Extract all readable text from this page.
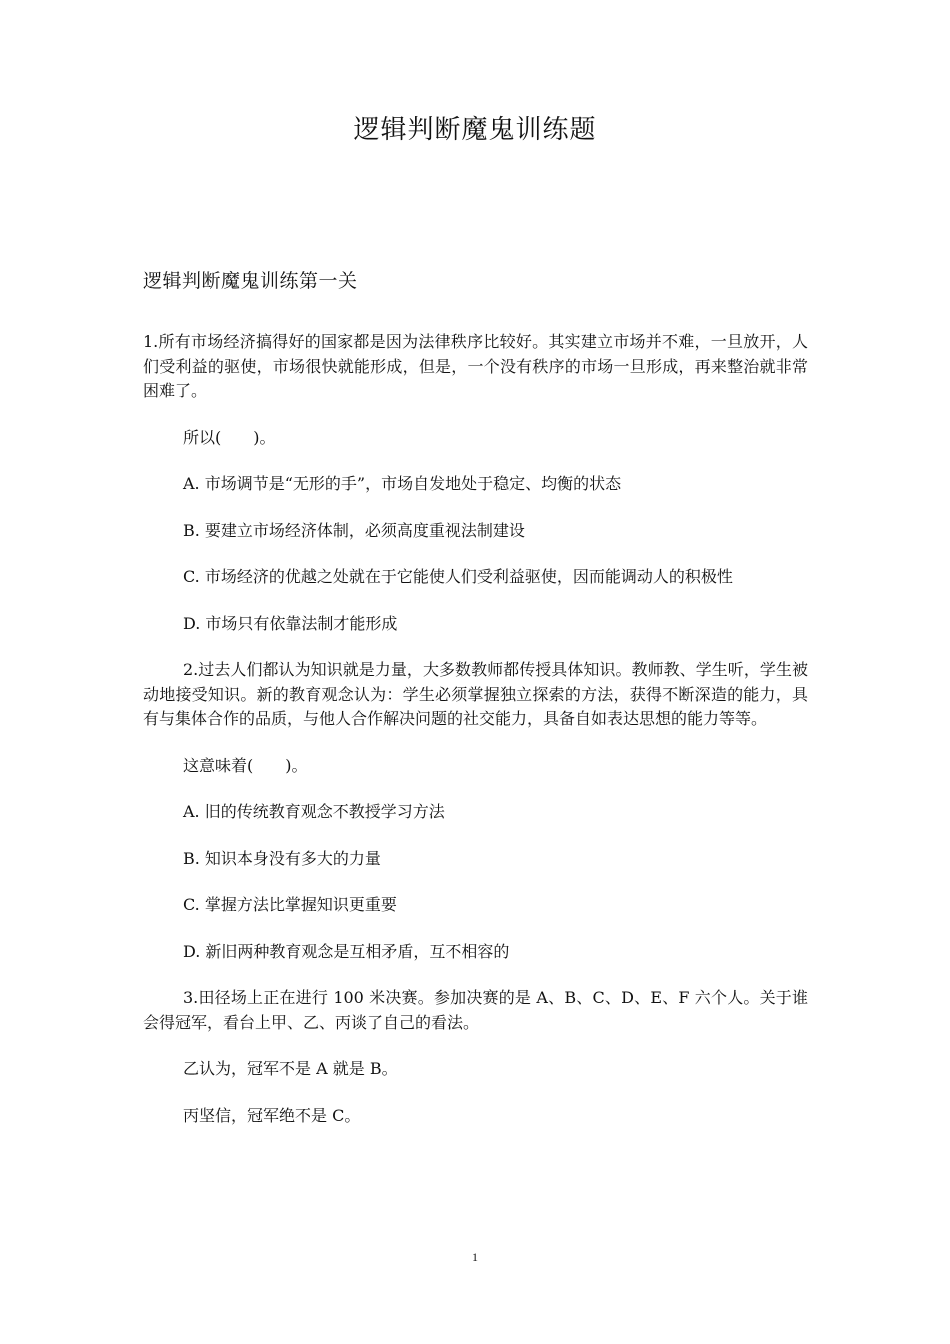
逻辑判断魔鬼训练题
逻辑判断魔鬼训练第一关

1.所有市场经济搞得好的国家都是因为法律秩序比较好。其实建立市场并不难，一旦放开，人们受利益的驱使，市场很快就能形成，但是，一个没有秩序的市场一旦形成，再来整治就非常困难了。

所以(　　)。

A. 市场调节是“无形的手”，市场自发地处于稳定、均衡的状态

B. 要建立市场经济体制，必须高度重视法制建设

C. 市场经济的优越之处就在于它能使人们受利益驱使，因而能调动人的积极性

D. 市场只有依靠法制才能形成

2.过去人们都认为知识就是力量，大多数教师都传授具体知识。教师教、学生听，学生被动地接受知识。新的教育观念认为：学生必须掌握独立探索的方法，获得不断深造的能力，具有与集体合作的品质，与他人合作解决问题的社交能力，具备自如表达思想的能力等等。

这意味着(　　)。

A. 旧的传统教育观念不教授学习方法

B. 知识本身没有多大的力量

C. 掌握方法比掌握知识更重要

D. 新旧两种教育观念是互相矛盾，互不相容的

3.田径场上正在进行 100 米决赛。参加决赛的是 A、B、C、D、E、F 六个人。关于谁会得冠军，看台上甲、乙、丙谈了自己的看法。

乙认为，冠军不是 A 就是 B。

丙坚信，冠军绝不是 C。

1
